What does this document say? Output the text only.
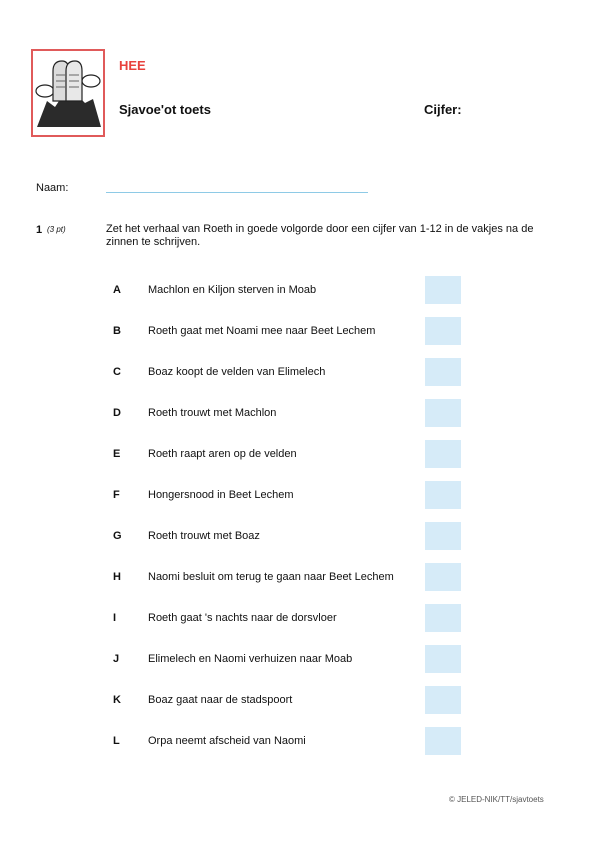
HEE
Sjavoe'ot toets	Cijfer:
Naam:
1 (3 pt)	Zet het verhaal van Roeth in goede volgorde door een cijfer van 1-12 in de vakjes na de zinnen te schrijven.
A Machlon en Kiljon sterven in Moab
B Roeth gaat met Noami mee naar Beet Lechem
C Boaz koopt de velden van Elimelech
D Roeth trouwt met Machlon
E	Roeth raapt aren op de velden
F	Hongersnood in Beet Lechem
G Roeth trouwt met Boaz
H Naomi besluit om terug te gaan naar Beet Lechem
I	Roeth gaat 's nachts naar de dorsvloer
J	Elimelech en Naomi verhuizen naar Moab
K Boaz gaat naar de stadspoort
L	Orpa neemt afscheid van Naomi
© JELED-NIK/TT/sjavtoets
